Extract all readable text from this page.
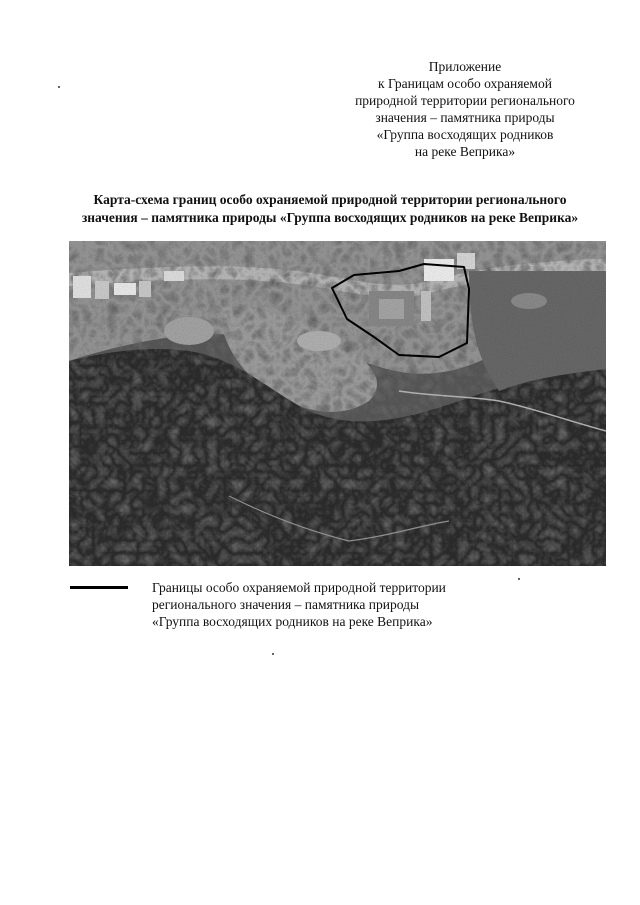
Приложение
к Границам особо охраняемой
природной территории регионального
значения – памятника природы
«Группа восходящих родников
на реке Веприка»
Карта-схема границ особо охраняемой природной территории регионального
значения – памятника природы «Группа восходящих родников на реке Веприка»
Границы особо охраняемой природной территории
регионального значения – памятника природы
«Группа восходящих родников на реке Веприка»
